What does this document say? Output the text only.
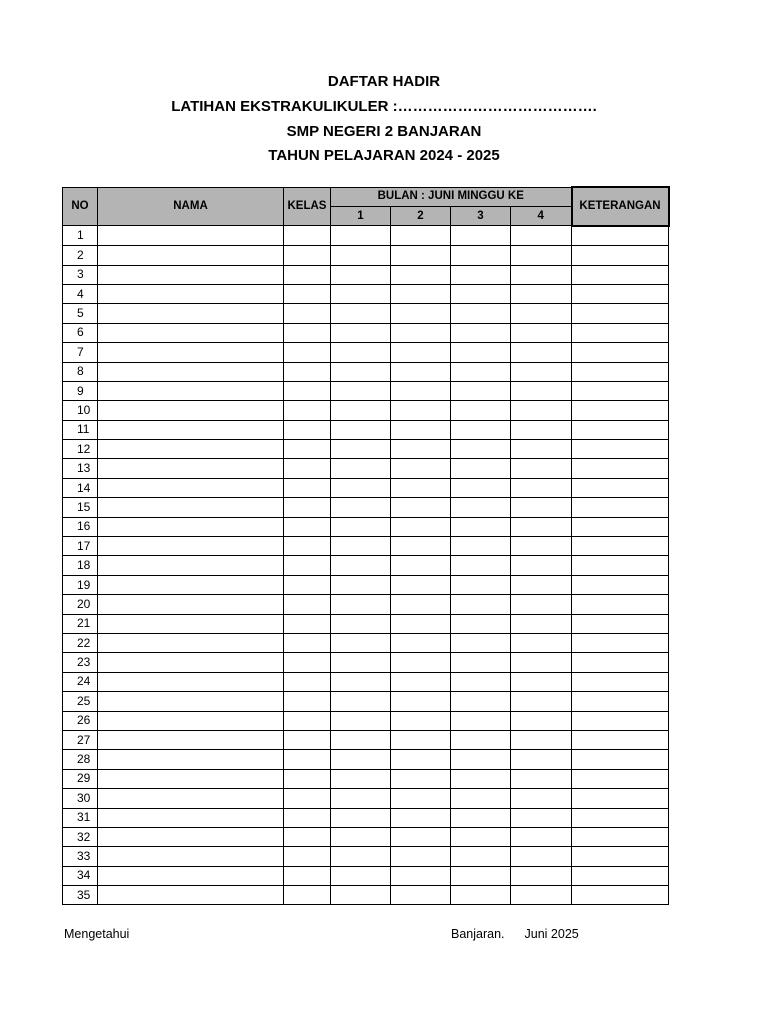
DAFTAR HADIR
LATIHAN EKSTRAKULIKULER :………………………………….
SMP NEGERI 2 BANJARAN
TAHUN PELAJARAN 2024 - 2025
NO	NAMA	KELAS	BULAN : JUNI MINGGU KE				KETERANGAN
			1	2	3	4	
1							
2							
3							
4							
5							
6							
7							
8							
9							
10							
11							
12							
13							
14							
15							
16							
17							
18							
19							
20							
21							
22							
23							
24							
25							
26							
27							
28							
29							
30							
31							
32							
33							
34							
35							
Mengetahui	Banjaran. Juni 2025
